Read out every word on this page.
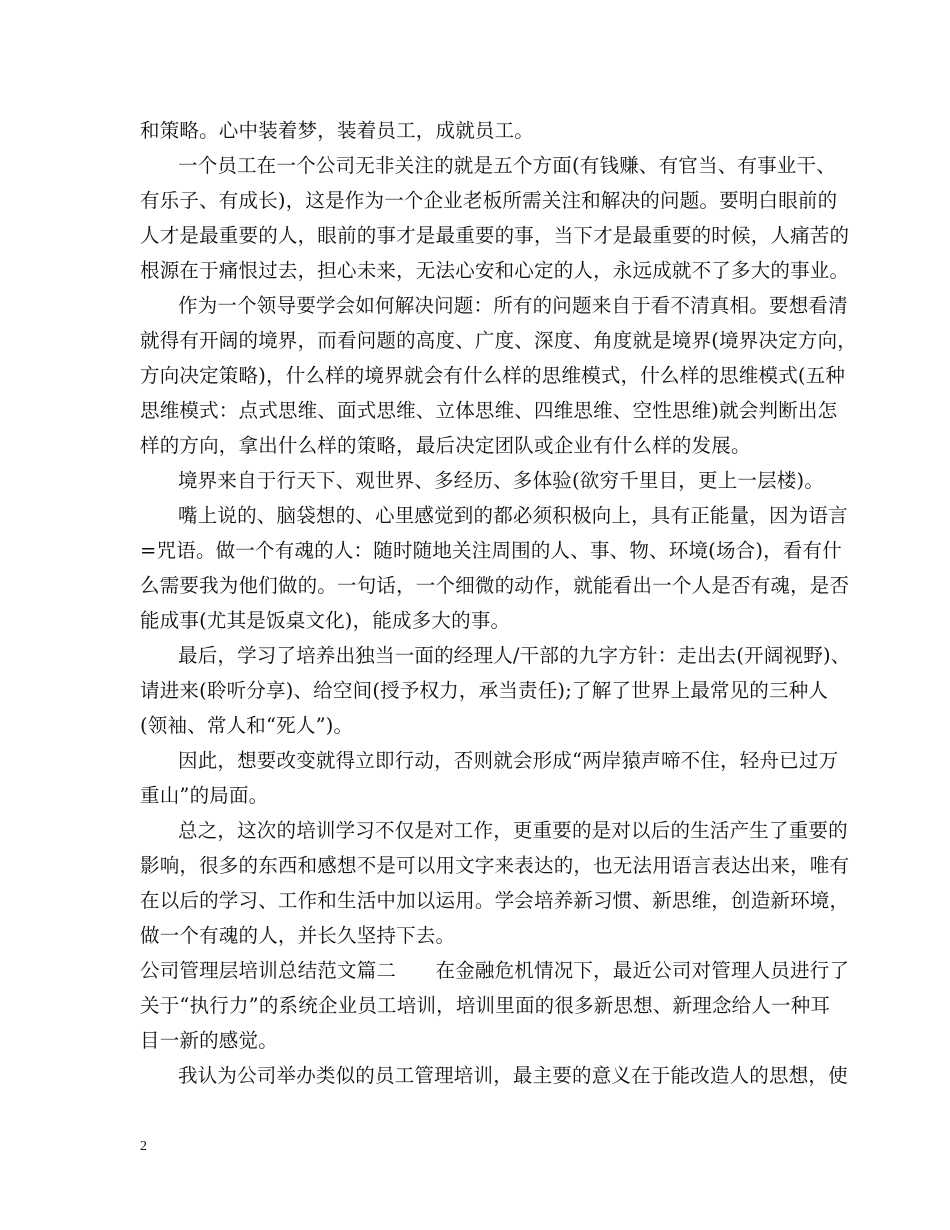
和策略。心中装着梦，装着员工，成就员工。
一个员工在一个公司无非关注的就是五个方面(有钱赚、有官当、有事业干、
有乐子、有成长)，这是作为一个企业老板所需关注和解决的问题。要明白眼前的
人才是最重要的人，眼前的事才是最重要的事，当下才是最重要的时候，人痛苦的
根源在于痛恨过去，担心未来，无法心安和心定的人，永远成就不了多大的事业。
作为一个领导要学会如何解决问题：所有的问题来自于看不清真相。要想看清
就得有开阔的境界，而看问题的高度、广度、深度、角度就是境界(境界决定方向，
方向决定策略)，什么样的境界就会有什么样的思维模式，什么样的思维模式(五种
思维模式：点式思维、面式思维、立体思维、四维思维、空性思维)就会判断出怎
样的方向，拿出什么样的策略，最后决定团队或企业有什么样的发展。
境界来自于行天下、观世界、多经历、多体验(欲穷千里目，更上一层楼)。
嘴上说的、脑袋想的、心里感觉到的都必须积极向上，具有正能量，因为语言
=咒语。做一个有魂的人：随时随地关注周围的人、事、物、环境(场合)，看有什
么需要我为他们做的。一句话，一个细微的动作，就能看出一个人是否有魂，是否
能成事(尤其是饭桌文化)，能成多大的事。
最后，学习了培养出独当一面的经理人/干部的九字方针：走出去(开阔视野)、
请进来(聆听分享)、给空间(授予权力，承当责任);了解了世界上最常见的三种人
(领袖、常人和“死人”)。
因此，想要改变就得立即行动，否则就会形成“两岸猿声啼不住，轻舟已过万
重山”的局面。
总之，这次的培训学习不仅是对工作，更重要的是对以后的生活产生了重要的
影响，很多的东西和感想不是可以用文字来表达的，也无法用语言表达出来，唯有
在以后的学习、工作和生活中加以运用。学会培养新习惯、新思维，创造新环境，
做一个有魂的人，并长久坚持下去。
公司管理层培训总结范文篇二　　在金融危机情况下，最近公司对管理人员进行了
关于“执行力”的系统企业员工培训，培训里面的很多新思想、新理念给人一种耳
目一新的感觉。
我认为公司举办类似的员工管理培训，最主要的意义在于能改造人的思想，使
2
